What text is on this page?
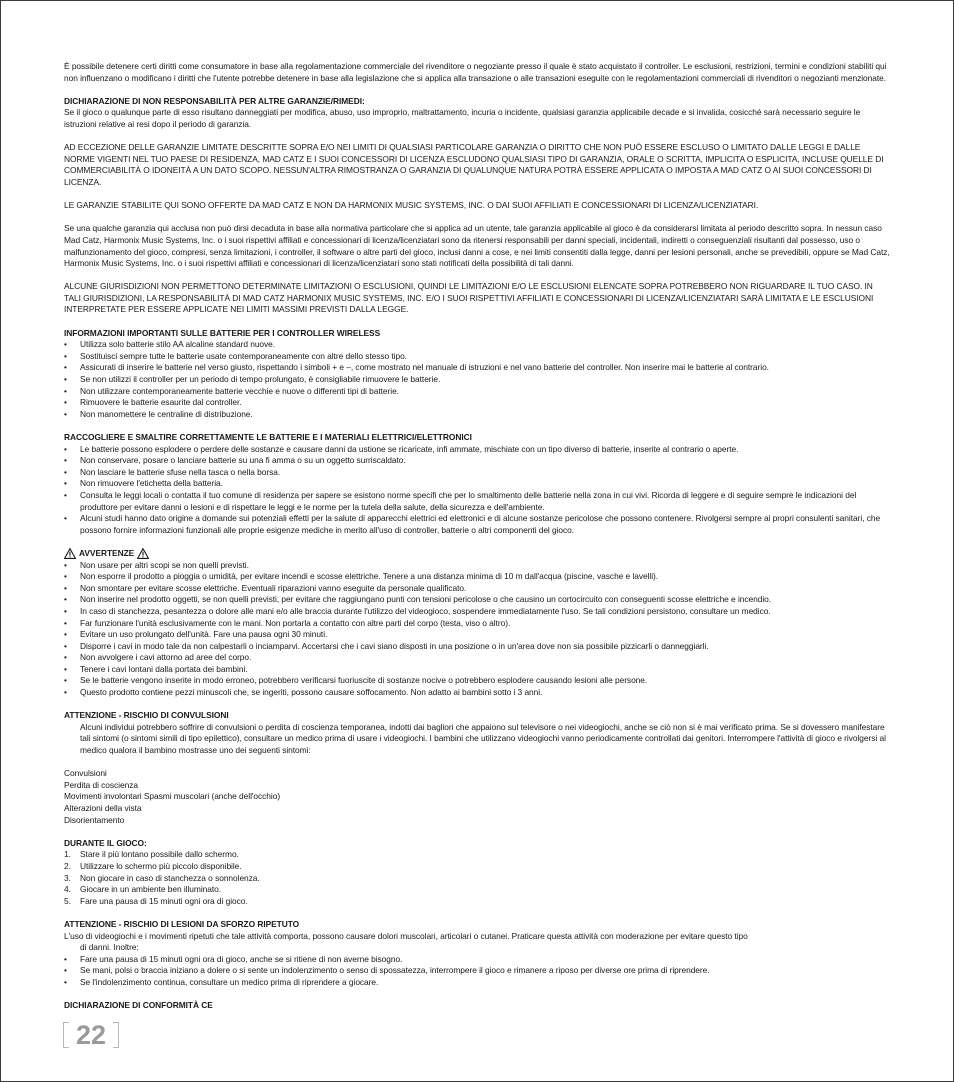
È possibile detenere certi diritti come consumatore in base alla regolamentazione commerciale del rivenditore o negoziante presso il quale è stato acquistato il controller. Le esclusioni, restrizioni, termini e condizioni stabiliti qui non influenzano o modificano i diritti che l'utente potrebbe detenere in base alla legislazione che si applica alla transazione o alle transazioni eseguite con le regolamentazioni commerciali di rivenditori o negozianti menzionate.

DICHIARAZIONE DI NON RESPONSABILITÀ PER ALTRE GARANZIE/RIMEDI:

Se il gioco o qualunque parte di esso risultano danneggiati per modifica, abuso, uso improprio, maltrattamento, incuria o incidente, qualsiasi garanzia applicabile decade e si invalida, cosicché sarà necessario seguire le istruzioni relative ai resi dopo il periodo di garanzia.

AD ECCEZIONE DELLE GARANZIE LIMITATE DESCRITTE SOPRA E/O NEI LIMITI DI QUALSIASI PARTICOLARE GARANZIA O DIRITTO CHE NON PUÒ ESSERE ESCLUSO O LIMITATO DALLE LEGGI E DALLE NORME VIGENTI NEL TUO PAESE DI RESIDENZA, MAD CATZ E I SUOI CONCESSORI DI LICENZA ESCLUDONO QUALSIASI TIPO DI GARANZIA, ORALE O SCRITTA, IMPLICITA O ESPLICITA, INCLUSE QUELLE DI COMMERCIABILITÀ O IDONEITÀ A UN DATO SCOPO. NESSUN'ALTRA RIMOSTRANZA O GARANZIA DI QUALUNQUE NATURA POTRÀ ESSERE APPLICATA O IMPOSTA A MAD CATZ O AI SUOI CONCESSORI DI LICENZA.

LE GARANZIE STABILITE QUI SONO OFFERTE DA MAD CATZ E NON DA HARMONIX MUSIC SYSTEMS, INC. O DAI SUOI AFFILIATI E CONCESSIONARI DI LICENZA/LICENZIATARI.

Se una qualche garanzia qui acclusa non può dirsi decaduta in base alla normativa particolare che si applica ad un utente, tale garanzia applicabile al gioco è da considerarsi limitata al periodo descritto sopra. In nessun caso Mad Catz, Harmonix Music Systems, Inc. o i suoi rispettivi affiliati e concessionari di licenza/licenziatari sono da ritenersi responsabili per danni speciali, incidentali, indiretti o conseguenziali risultanti dal possesso, uso o malfunzionamento del gioco, compresi, senza limitazioni, i controller, il software o altre parti del gioco, inclusi danni a cose, e nei limiti consentiti dalla legge, danni per lesioni personali, anche se prevedibili, oppure se Mad Catz, Harmonix Music Systems, Inc. o i suoi rispettivi affiliati e concessionari di licenza/licenziatari sono stati notificati della possibilità di tali danni.

ALCUNE GIURISDIZIONI NON PERMETTONO DETERMINATE LIMITAZIONI O ESCLUSIONI, QUINDI LE LIMITAZIONI E/O LE ESCLUSIONI ELENCATE SOPRA POTREBBERO NON RIGUARDARE IL TUO CASO. IN TALI GIURISDIZIONI, LA RESPONSABILITÀ DI MAD CATZ HARMONIX MUSIC SYSTEMS, INC. E/O I SUOI RISPETTIVI AFFILIATI E CONCESSIONARI DI LICENZA/LICENZIATARI SARÀ LIMITATA E LE ESCLUSIONI INTERPRETATE PER ESSERE APPLICATE NEI LIMITI MASSIMI PREVISTI DALLA LEGGE.

INFORMAZIONI IMPORTANTI SULLE BATTERIE PER I CONTROLLER WIRELESS
• Utilizza solo batterie stilo AA alcaline standard nuove.
• Sostituisci sempre tutte le batterie usate contemporaneamente con altre dello stesso tipo.
• Assicurati di inserire le batterie nel verso giusto, rispettando i simboli + e –, come mostrato nel manuale di istruzioni e nel vano batterie del controller. Non inserire mai le batterie al contrario.
• Se non utilizzi il controller per un periodo di tempo prolungato, è consigliabile rimuovere le batterie.
• Non utilizzare contemporaneamente batterie vecchie e nuove o differenti tipi di batterie.
• Rimuovere le batterie esaurite dal controller.
• Non manomettere le centraline di distribuzione.
RACCOGLIERE E SMALTIRE CORRETTAMENTE LE BATTERIE E I MATERIALI ELETTRICI/ELETTRONICI
• Le batterie possono esplodere o perdere delle sostanze e causare danni da ustione se ricaricate, infi ammate, mischiate con un tipo diverso di batterie, inserite al contrario o aperte.
• Non conservare, posare o lanciare batterie su una fi amma o su un oggetto surriscaldato.
• Non lasciare le batterie sfuse nella tasca o nella borsa.
• Non rimuovere l'etichetta della batteria.
• Consulta le leggi locali o contatta il tuo comune di residenza per sapere se esistono norme specifi che per lo smaltimento delle batterie nella zona in cui vivi. Ricorda di leggere e di seguire sempre le indicazioni del produttore per evitare danni o lesioni e di rispettare le leggi e le norme per la tutela della salute, della sicurezza e dell'ambiente.
• Alcuni studi hanno dato origine a domande sui potenziali effetti per la salute di apparecchi elettrici ed elettronici e di alcune sostanze pericolose che possono contenere. Rivolgersi sempre ai propri consulenti sanitari, che possono fornire informazioni funzionali alle proprie esigenze mediche in merito all'uso di controller, batterie o altri componenti del gioco.
AVVERTENZE
• Non usare per altri scopi se non quelli previsti.
• Non esporre il prodotto a pioggia o umidità, per evitare incendi e scosse elettriche. Tenere a una distanza minima di 10 m dall'acqua (piscine, vasche e lavelli).
• Non smontare per evitare scosse elettriche. Eventuali riparazioni vanno eseguite da personale qualificato.
• Non inserire nel prodotto oggetti, se non quelli previsti, per evitare che raggiungano punti con tensioni pericolose o che causino un cortocircuito con conseguenti scosse elettriche e incendio.
• In caso di stanchezza, pesantezza o dolore alle mani e/o alle braccia durante l'utilizzo del videogioco, sospendere immediatamente l'uso. Se tali condizioni persistono, consultare un medico.
• Far funzionare l'unità esclusivamente con le mani. Non portarla a contatto con altre parti del corpo (testa, viso o altro).
• Evitare un uso prolungato dell'unità. Fare una pausa ogni 30 minuti.
• Disporre i cavi in modo tale da non calpestarli o inciamparvi. Accertarsi che i cavi siano disposti in una posizione o in un'area dove non sia possibile pizzicarli o danneggiarli.
• Non avvolgere i cavi attorno ad aree del corpo.
• Tenere i cavi lontani dalla portata dei bambini.
• Se le batterie vengono inserite in modo erroneo, potrebbero verificarsi fuoriuscite di sostanze nocive o potrebbero esplodere causando lesioni alle persone.
• Questo prodotto contiene pezzi minuscoli che, se ingeriti, possono causare soffocamento. Non adatto ai bambini sotto i 3 anni.
ATTENZIONE - RISCHIO DI CONVULSIONI

Alcuni individui potrebbero soffrire di convulsioni o perdita di coscienza temporanea, indotti dai bagliori che appaiono sul televisore o nei videogiochi, anche se ciò non si è mai verificato prima. Se si dovessero manifestare tali sintomi (o sintomi simili di tipo epilettico), consultare un medico prima di usare i videogiochi. I bambini che utilizzano videogiochi vanno periodicamente controllati dai genitori. Interrompere l'attività di gioco e rivolgersi al medico qualora il bambino mostrasse uno dei seguenti sintomi:

Convulsioni
Perdita di coscienza
Movimenti involontari Spasmi muscolari (anche dell'occhio)
Alterazioni della vista
Disorientamento
DURANTE IL GIOCO:
1. Stare il più lontano possibile dallo schermo.
2. Utilizzare lo schermo più piccolo disponibile.
3. Non giocare in caso di stanchezza o sonnolenza.
4. Giocare in un ambiente ben illuminato.
5. Fare una pausa di 15 minuti ogni ora di gioco.
ATTENZIONE - RISCHIO DI LESIONI DA SFORZO RIPETUTO
L'uso di videogiochi e i movimenti ripetuti che tale attività comporta, possono causare dolori muscolari, articolari o cutanei. Praticare questa attività con moderazione per evitare questo tipo
di danni. Inoltre:
• Fare una pausa di 15 minuti ogni ora di gioco, anche se si ritiene di non averne bisogno.
• Se mani, polsi o braccia iniziano a dolere o si sente un indolenzimento o senso di spossatezza, interrompere il gioco e rimanere a riposo per diverse ore prima di riprendere.
• Se l'indolenzimento continua, consultare un medico prima di riprendere a giocare.
DICHIARAZIONE DI CONFORMITÀ CE
22
